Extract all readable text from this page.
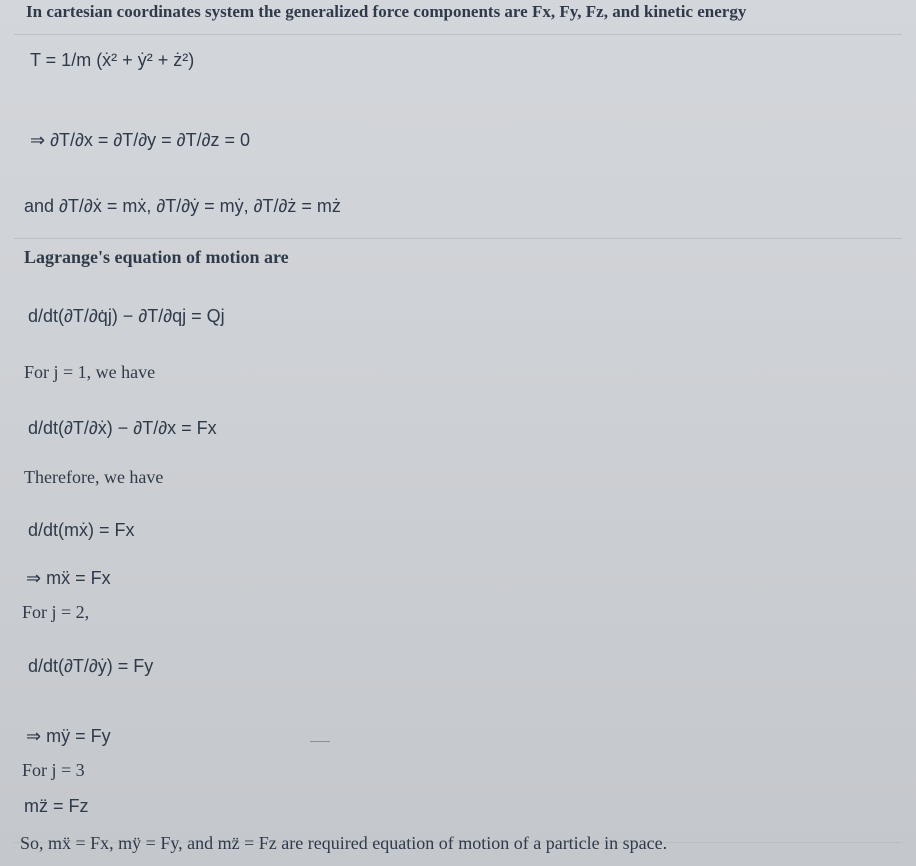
In cartesian coordinates system the generalized force components are Fx, Fy, Fz, and kinetic energy
T = 1/m (ẋ² + ẏ² + ż²)
⇒ ∂T/∂x = ∂T/∂y = ∂T/∂z = 0
and ∂T/∂ẋ = mẋ, ∂T/∂ẏ = mẏ, ∂T/∂ż = mż
Lagrange's equation of motion are
d/dt(∂T/∂q̇j) − ∂T/∂qj = Qj
For j = 1, we have
d/dt(∂T/∂ẋ) − ∂T/∂x = Fx
Therefore, we have
d/dt(mẋ) = Fx
⇒ mẍ = Fx
For j = 2,
d/dt(∂T/∂ẏ) = Fy
⇒ mÿ = Fy
For j = 3
mz̈ = Fz
So, mẍ = Fx, mÿ = Fy, and mz̈ = Fz are required equation of motion of a particle in space.
